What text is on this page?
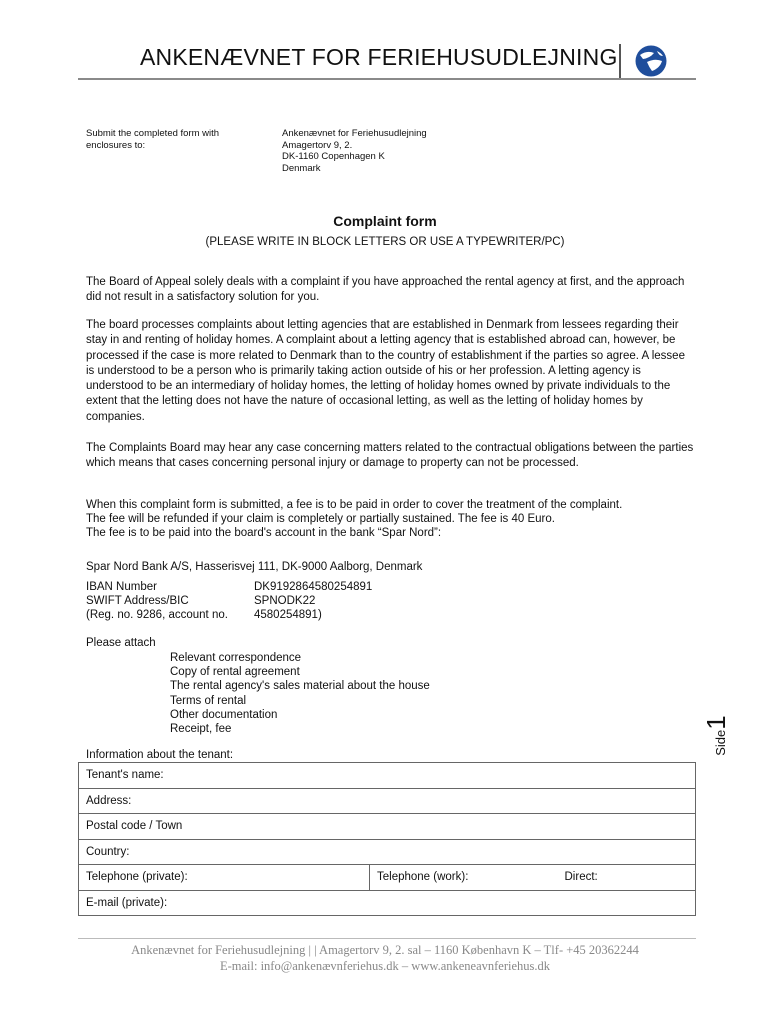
ANKENÆVNET FOR FERIEHUSUDLEJNING
Submit the completed form with enclosures to:
Ankenævnet for Feriehusudlejning
Amagertorv 9, 2.
DK-1160 Copenhagen K
Denmark
Complaint form
(PLEASE WRITE IN BLOCK LETTERS OR USE A TYPEWRITER/PC)
The Board of Appeal solely deals with a complaint if you have approached the rental agency at first, and the approach did not result in a satisfactory solution for you.
The board processes complaints about letting agencies that are established in Denmark from lessees regarding their stay in and renting of holiday homes. A complaint about a letting agency that is established abroad can, however, be processed if the case is more related to Denmark than to the country of establishment if the parties so agree. A lessee is understood to be a person who is primarily taking action outside of his or her profession. A letting agency is understood to be an intermediary of holiday homes, the letting of holiday homes owned by private individuals to the extent that the letting does not have the nature of occasional letting, as well as the letting of holiday homes by companies.
The Complaints Board may hear any case concerning matters related to the contractual obligations between the parties which means that cases concerning personal injury or damage to property can not be processed.
When this complaint form is submitted, a fee is to be paid in order to cover the treatment of the complaint.
The fee will be refunded if your claim is completely or partially sustained. The fee is 40 Euro.
The fee is to be paid into the board's account in the bank “Spar Nord”:
Spar Nord Bank A/S, Hasserisvej 111, DK-9000 Aalborg, Denmark
IBAN Number	DK9192864580254891
SWIFT Address/BIC	SPNODK22
(Reg. no. 9286, account no.	4580254891)
Please attach
Relevant correspondence
Copy of rental agreement
The rental agency's sales material about the house
Terms of rental
Other documentation
Receipt, fee
Side1
Information about the tenant:
Tenant's name:
Address:
Postal code / Town
Country:
Telephone (private):	Telephone (work):	Direct:

E-mail (private):
Ankenævnet for Feriehusudlejning | | Amagertorv 9, 2. sal – 1160 København K – Tlf- +45 20362244
E-mail: info@ankenævnferiehus.dk – www.ankeneavnferiehus.dk
